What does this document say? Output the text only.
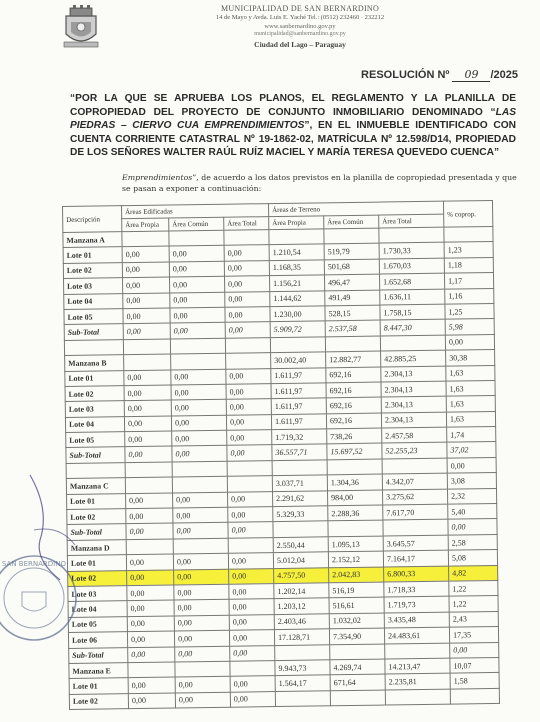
MUNICIPALIDAD DE SAN BERNARDINO
14 de Mayo y Avda. Luis E. Yaché Tel.: (0512) 232460 · 232212
www.sanbernardino.gov.py
municipalidad@sanbernardino.gov.py
Ciudad del Lago – Paraguay
RESOLUCIÓN Nº 09 /2025
“POR LA QUE SE APRUEBA LOS PLANOS, EL REGLAMENTO Y LA PLANILLA DE COPROPIEDAD DEL PROYECTO DE CONJUNTO INMOBILIARIO DENOMINADO “LAS PIEDRAS – CIERVO CUA EMPRENDIMIENTOS”, EN EL INMUEBLE IDENTIFICADO CON CUENTA CORRIENTE CATASTRAL Nº 19-1862-02, MATRÍCULA Nº 12.598/D14, PROPIEDAD DE LOS SEÑORES WALTER RAÚL RUÍZ MACIEL Y MARÍA TERESA QUEVEDO CUENCA”
Emprendimientos”, de acuerdo a los datos previstos en la planilla de copropiedad presentada y que se pasan a exponer a continuación:
Descripción	Áreas Edificadas			Áreas de Terreno			% coprop.
	Área Propia	Área Común	Área Total	Área Propia	Área Común	Área Total	
Manzana A							
Lote 01	0,00	0,00	0,00	1.210,54	519,79	1.730,33	1,23
Lote 02	0,00	0,00	0,00	1.168,35	501,68	1.670,03	1,18
Lote 03	0,00	0,00	0,00	1.156,21	496,47	1.652,68	1,17
Lote 04	0,00	0,00	0,00	1.144,62	491,49	1.636,11	1,16
Lote 05	0,00	0,00	0,00	1.230,00	528,15	1.758,15	1,25
Sub-Total	0,00	0,00	0,00	5.909,72	2.537,58	8.447,30	5,98
							0,00
Manzana B				30.002,40	12.882,77	42.885,25	30,38
Lote 01	0,00	0,00	0,00	1.611,97	692,16	2.304,13	1,63
Lote 02	0,00	0,00	0,00	1.611,97	692,16	2.304,13	1,63
Lote 03	0,00	0,00	0,00	1.611,97	692,16	2.304,13	1,63
Lote 04	0,00	0,00	0,00	1.611,97	692,16	2.304,13	1,63
Lote 05	0,00	0,00	0,00	1.719,32	738,26	2.457,58	1,74
Sub-Total	0,00	0,00	0,00	36.557,71	15.697,52	52.255,23	37,02
							0,00
Manzana C				3.037,71	1.304,36	4.342,07	3,08
Lote 01	0,00	0,00	0,00	2.291,62	984,00	3.275,62	2,32
Lote 02	0,00	0,00	0,00	5.329,33	2.288,36	7.617,70	5,40
Sub-Total	0,00	0,00	0,00				0,00
Manzana D				2.550,44	1.095,13	3.645,57	2,58
Lote 01	0,00	0,00	0,00	5.012,04	2.152,12	7.164,17	5,08
Lote 02	0,00	0,00	0,00	4.757,50	2.042,83	6.800,33	4,82
Lote 03	0,00	0,00	0,00	1.202,14	516,19	1.718,33	1,22
Lote 04	0,00	0,00	0,00	1.203,12	516,61	1.719,73	1,22
Lote 05	0,00	0,00	0,00	2.403,46	1.032,02	3.435,48	2,43
Lote 06	0,00	0,00	0,00	17.128,71	7.354,90	24.483,61	17,35
Sub-Total	0,00	0,00	0,00				0,00
Manzana E				9.943,73	4.269,74	14.213,47	10,07
Lote 01	0,00	0,00	0,00	1.564,17	671,64	2.235,81	1,58
Lote 02	0,00	0,00	0,00				
SAN BERNARDINO
